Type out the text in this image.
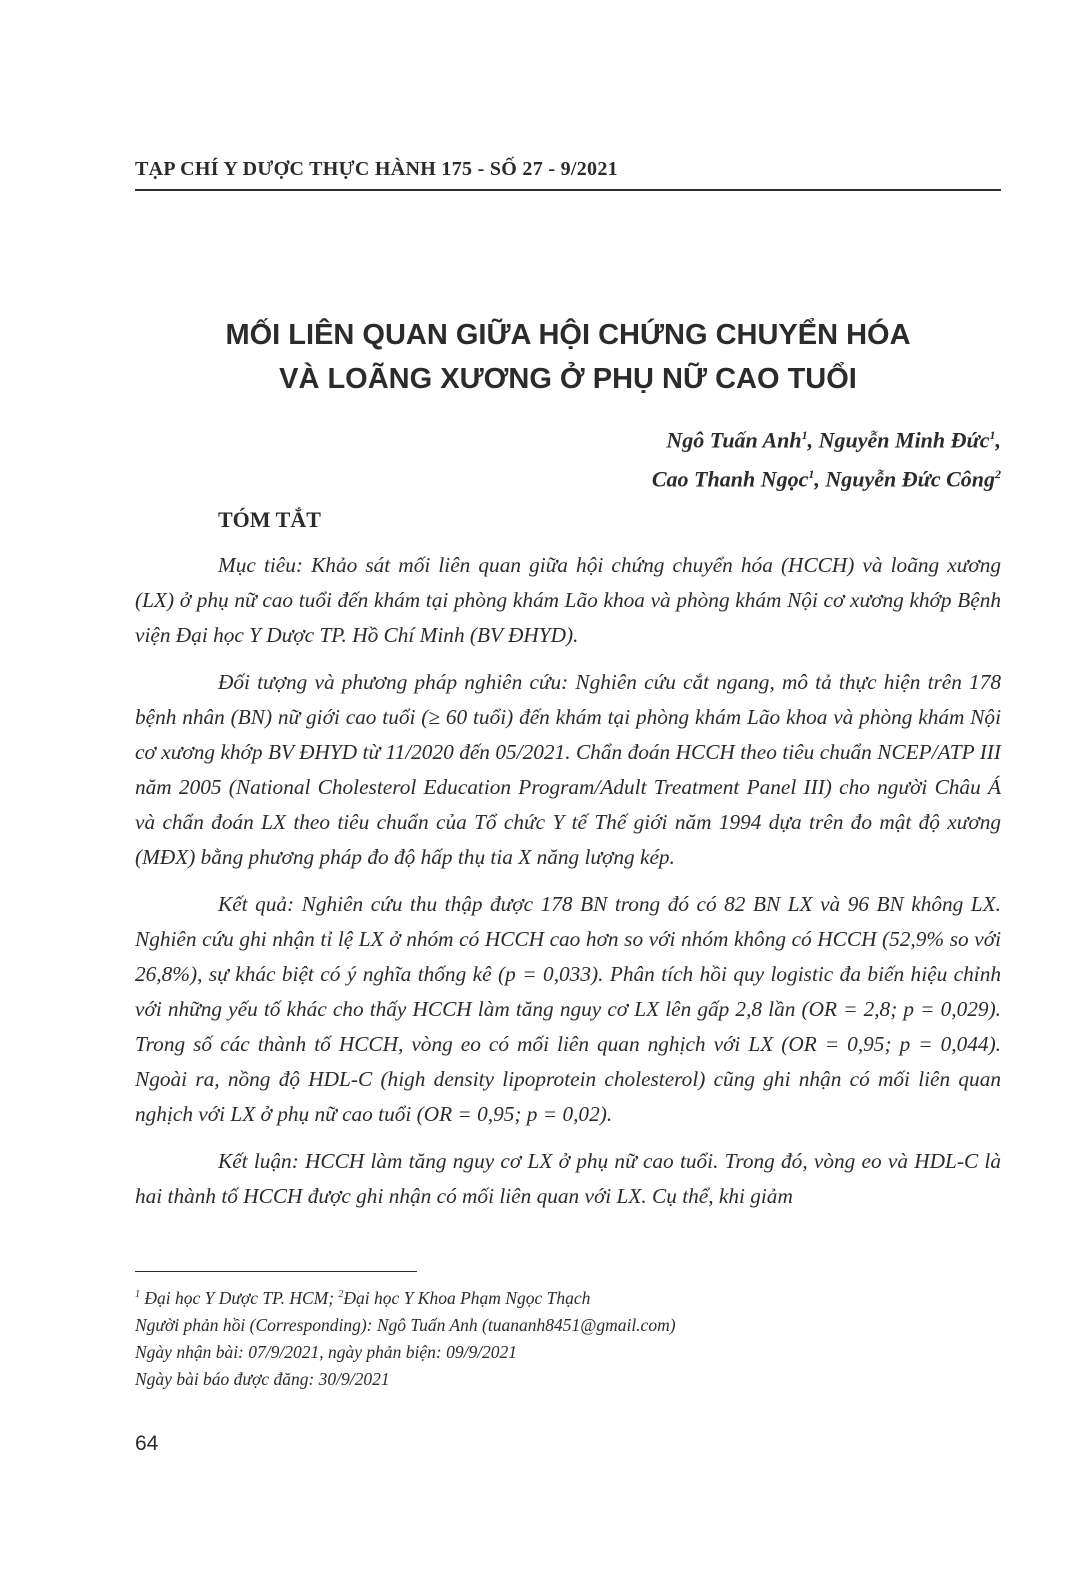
TẠP CHÍ Y DƯỢC THỰC HÀNH 175 - SỐ 27 - 9/2021
MỐI LIÊN QUAN GIỮA HỘI CHỨNG CHUYỂN HÓA
VÀ LOÃNG XƯƠNG Ở PHỤ NỮ CAO TUỔI
Ngô Tuấn Anh$^1$, Nguyễn Minh Đức$^1$,
Cao Thanh Ngọc$^1$, Nguyễn Đức Công$^2$
TÓM TẮT

Mục tiêu: Khảo sát mối liên quan giữa hội chứng chuyển hóa (HCCH) và loãng xương (LX) ở phụ nữ cao tuổi đến khám tại phòng khám Lão khoa và phòng khám Nội cơ xương khớp Bệnh viện Đại học Y Dược TP. Hồ Chí Minh (BV ĐHYD).

Đối tượng và phương pháp nghiên cứu: Nghiên cứu cắt ngang, mô tả thực hiện trên 178 bệnh nhân (BN) nữ giới cao tuổi (≥ 60 tuổi) đến khám tại phòng khám Lão khoa và phòng khám Nội cơ xương khớp BV ĐHYD từ 11/2020 đến 05/2021. Chẩn đoán HCCH theo tiêu chuẩn NCEP/ATP III năm 2005 (National Cholesterol Education Program/Adult Treatment Panel III) cho người Châu Á và chẩn đoán LX theo tiêu chuẩn của Tổ chức Y tế Thế giới năm 1994 dựa trên đo mật độ xương (MĐX) bằng phương pháp đo độ hấp thụ tia X năng lượng kép.

Kết quả: Nghiên cứu thu thập được 178 BN trong đó có 82 BN LX và 96 BN không LX. Nghiên cứu ghi nhận tỉ lệ LX ở nhóm có HCCH cao hơn so với nhóm không có HCCH (52,9% so với 26,8%), sự khác biệt có ý nghĩa thống kê (p = 0,033). Phân tích hồi quy logistic đa biến hiệu chỉnh với những yếu tố khác cho thấy HCCH làm tăng nguy cơ LX lên gấp 2,8 lần (OR = 2,8; p = 0,029). Trong số các thành tố HCCH, vòng eo có mối liên quan nghịch với LX (OR = 0,95; p = 0,044). Ngoài ra, nồng độ HDL-C (high density lipoprotein cholesterol) cũng ghi nhận có mối liên quan nghịch với LX ở phụ nữ cao tuổi (OR = 0,95; p = 0,02).

Kết luận: HCCH làm tăng nguy cơ LX ở phụ nữ cao tuổi. Trong đó, vòng eo và HDL-C là hai thành tố HCCH được ghi nhận có mối liên quan với LX. Cụ thể, khi giảm

$^1$ Đại học Y Dược TP. HCM; $^2$Đại học Y Khoa Phạm Ngọc Thạch
Người phản hồi (Corresponding): Ngô Tuấn Anh (tuananh8451@gmail.com)
Ngày nhận bài: 07/9/2021, ngày phản biện: 09/9/2021
Ngày bài báo được đăng: 30/9/2021
64
